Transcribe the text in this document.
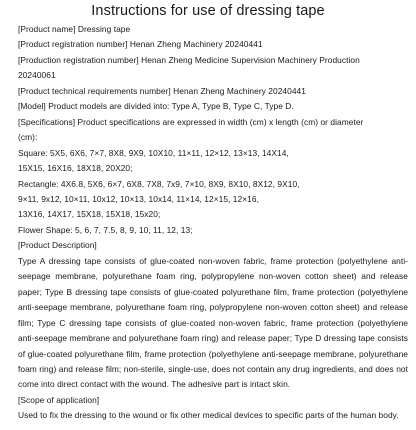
Instructions for use of dressing tape
[Product name] Dressing tape
[Product registration number] Henan Zheng Machinery 20240441
[Production registration number] Henan Zheng Medicine Supervision Machinery Production
20240061
[Product technical requirements number] Henan Zheng Machinery 20240441
[Model] Product models are divided into: Type A, Type B, Type C, Type D.
[Specifications] Product specifications are expressed in width (cm) x length (cm) or diameter
(cm):
Square: 5X5, 6X6, 7×7, 8X8, 9X9, 10X10, 11×11, 12×12, 13×13, 14X14,
15X15, 16X16, 18X18, 20X20;
Rectangle: 4X6.8, 5X6, 6×7, 6X8, 7X8, 7x9, 7×10, 8X9, 8X10, 8X12, 9X10,
9×11, 9x12, 10×11, 10x12, 10×13, 10x14, 11×14, 12×15, 12×16,
13X16, 14X17, 15X18, 15X18, 15x20;
Flower Shape: 5, 6, 7, 7.5, 8, 9, 10, 11, 12, 13;
[Product Description]
Type A dressing tape consists of glue-coated non-woven fabric, frame protection (polyethylene anti-seepage membrane, polyurethane foam ring, polypropylene non-woven cotton sheet) and release paper; Type B dressing tape consists of glue-coated polyurethane film, frame protection (polyethylene anti-seepage membrane, polyurethane foam ring, polypropylene non-woven cotton sheet) and release film; Type C dressing tape consists of glue-coated non-woven fabric, frame protection (polyethylene anti-seepage membrane and polyurethane foam ring) and release paper; Type D dressing tape consists of glue-coated polyurethane film, frame protection (polyethylene anti-seepage membrane, polyurethane foam ring) and release film; non-sterile, single-use, does not contain any drug ingredients, and does not come into direct contact with the wound. The adhesive part is intact skin.
[Scope of application]
Used to fix the dressing to the wound or fix other medical devices to specific parts of the human body.
